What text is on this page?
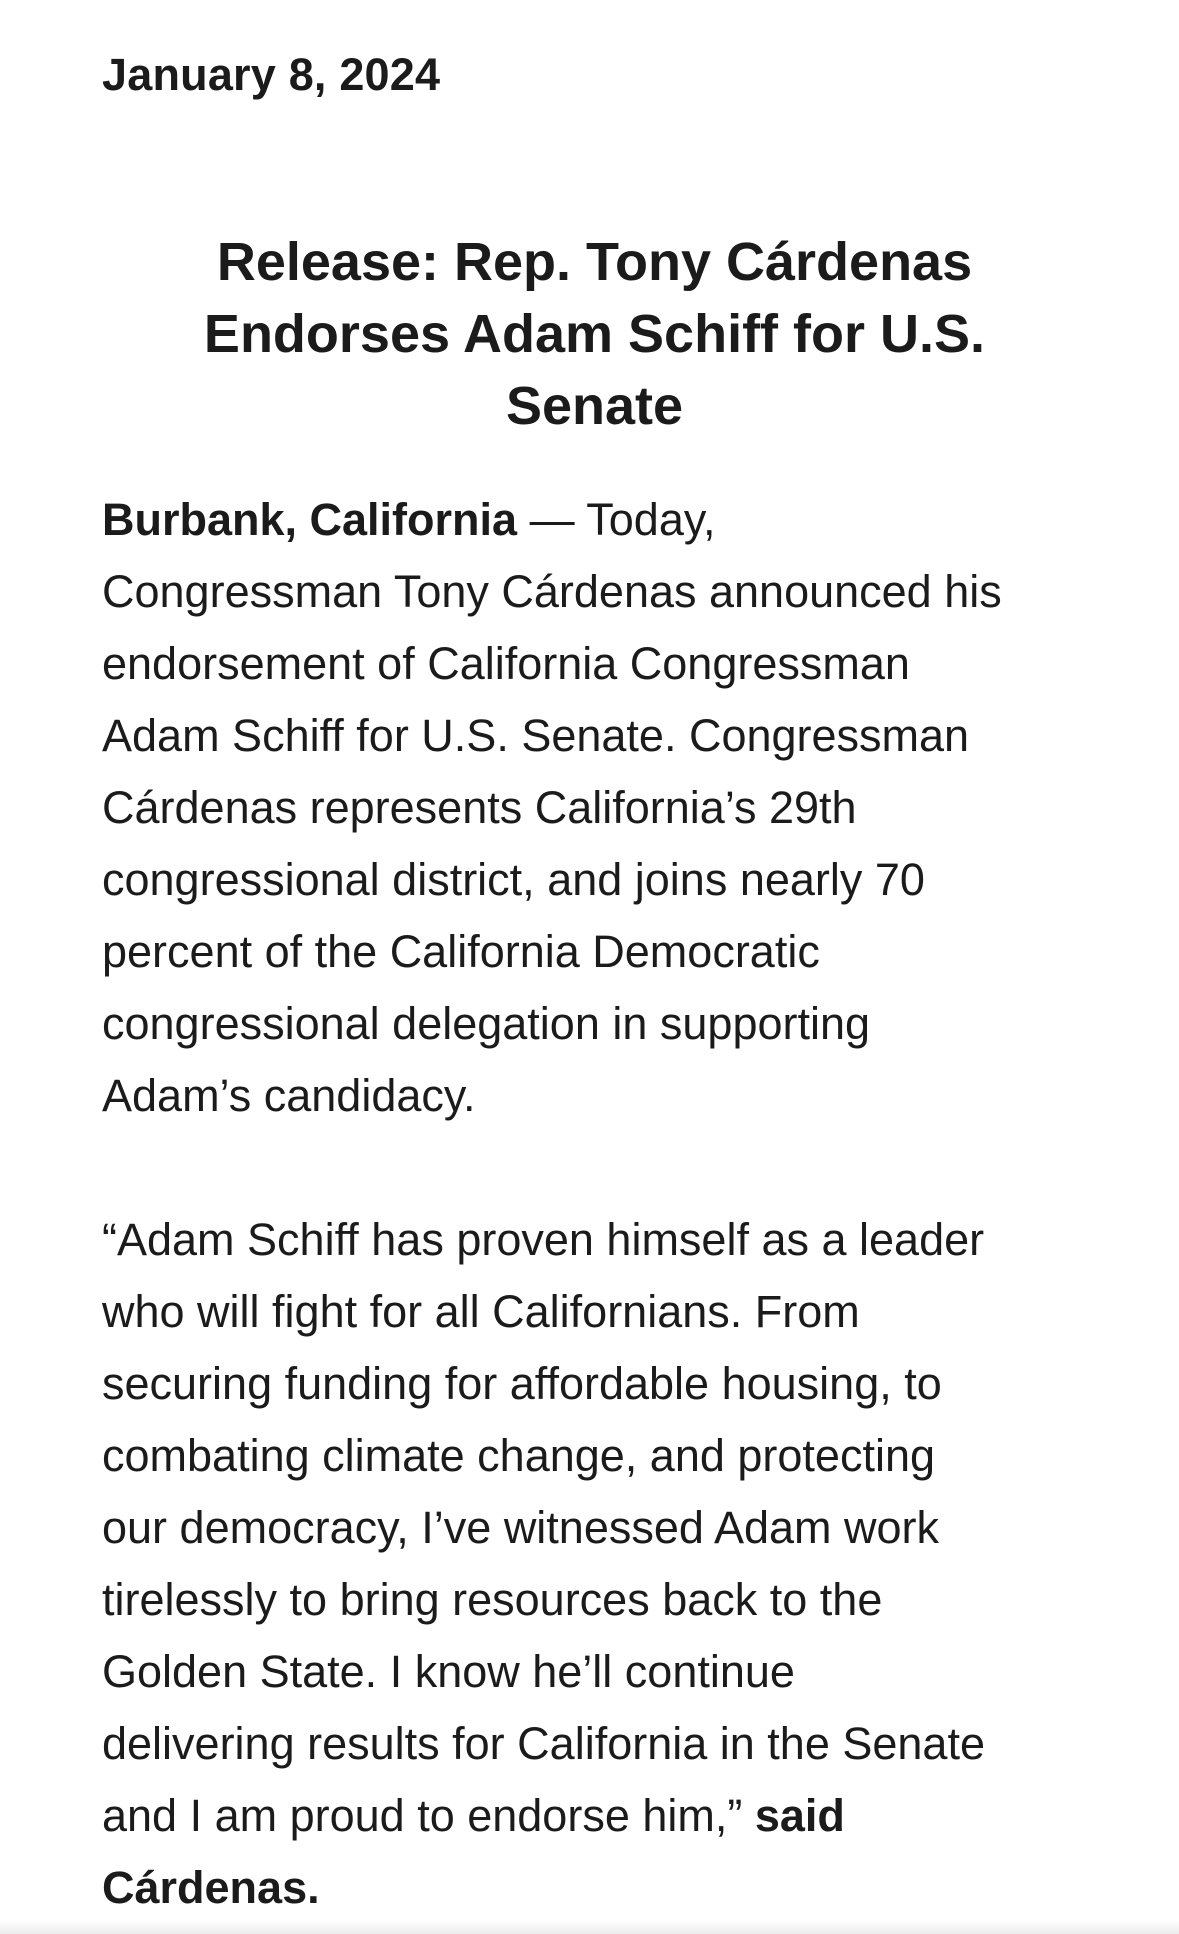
January 8, 2024

Release: Rep. Tony Cárdenas
Endorses Adam Schiff for U.S.
Senate

Burbank, California — Today,
Congressman Tony Cárdenas announced his
endorsement of California Congressman
Adam Schiff for U.S. Senate. Congressman
Cárdenas represents California’s 29th
congressional district, and joins nearly 70
percent of the California Democratic
congressional delegation in supporting
Adam’s candidacy.

“Adam Schiff has proven himself as a leader
who will fight for all Californians. From
securing funding for affordable housing, to
combating climate change, and protecting
our democracy, I’ve witnessed Adam work
tirelessly to bring resources back to the
Golden State. I know he’ll continue
delivering results for California in the Senate
and I am proud to endorse him,” said
Cárdenas.
